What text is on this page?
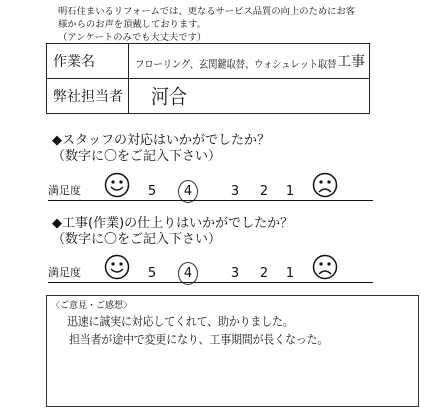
明石住まいるリフォームでは、更なるサービス品質の向上のためにお客
様からのお声を頂戴しております。
（アンケートのみでも大丈夫です）
作業名	フローリング、玄関鍵取替、ウォシュレット取替 工事

弊社担当者	河合
◆スタッフの対応はいかがでしたか？
（数字に〇をご記入下さい）
満足度	5 4	3 2 1
◆工事(作業)の仕上りはいかがでしたか？
（数字に〇をご記入下さい）
満足度	5 4	3 2 1
〈ご意見・ご感想〉
迅速に誠実に対応してくれて、助かりました。
担当者が途中で変更になり、工事期間が長くなった。
